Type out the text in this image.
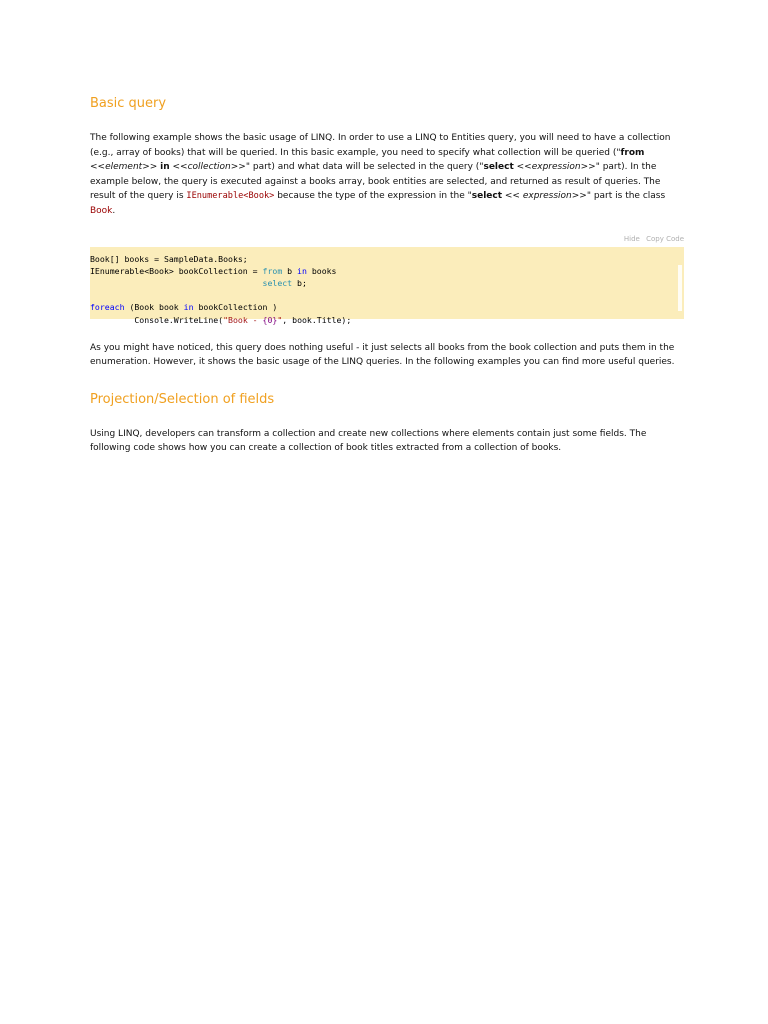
Basic query

The following example shows the basic usage of LINQ. In order to use a LINQ to Entities query, you will need to have a collection (e.g., array of books) that will be queried. In this basic example, you need to specify what collection will be queried ("from <<element>> in <<collection>>" part) and what data will be selected in the query ("select <<expression>>" part). In the example below, the query is executed against a books array, book entities are selected, and returned as result of queries. The result of the query is IEnumerable<Book> because the type of the expression in the "select << expression>>" part is the class Book.

Hide Copy Code
Book[] books = SampleData.Books;
IEnumerable<Book> bookCollection = from b in books
select b;

foreach (Book book in bookCollection )
Console.WriteLine("Book - {0}", book.Title);

As you might have noticed, this query does nothing useful - it just selects all books from the book collection and puts them in the enumeration. However, it shows the basic usage of the LINQ queries. In the following examples you can find more useful queries.

Projection/Selection of fields

Using LINQ, developers can transform a collection and create new collections where elements contain just some fields. The following code shows how you can create a collection of book titles extracted from a collection of books.
